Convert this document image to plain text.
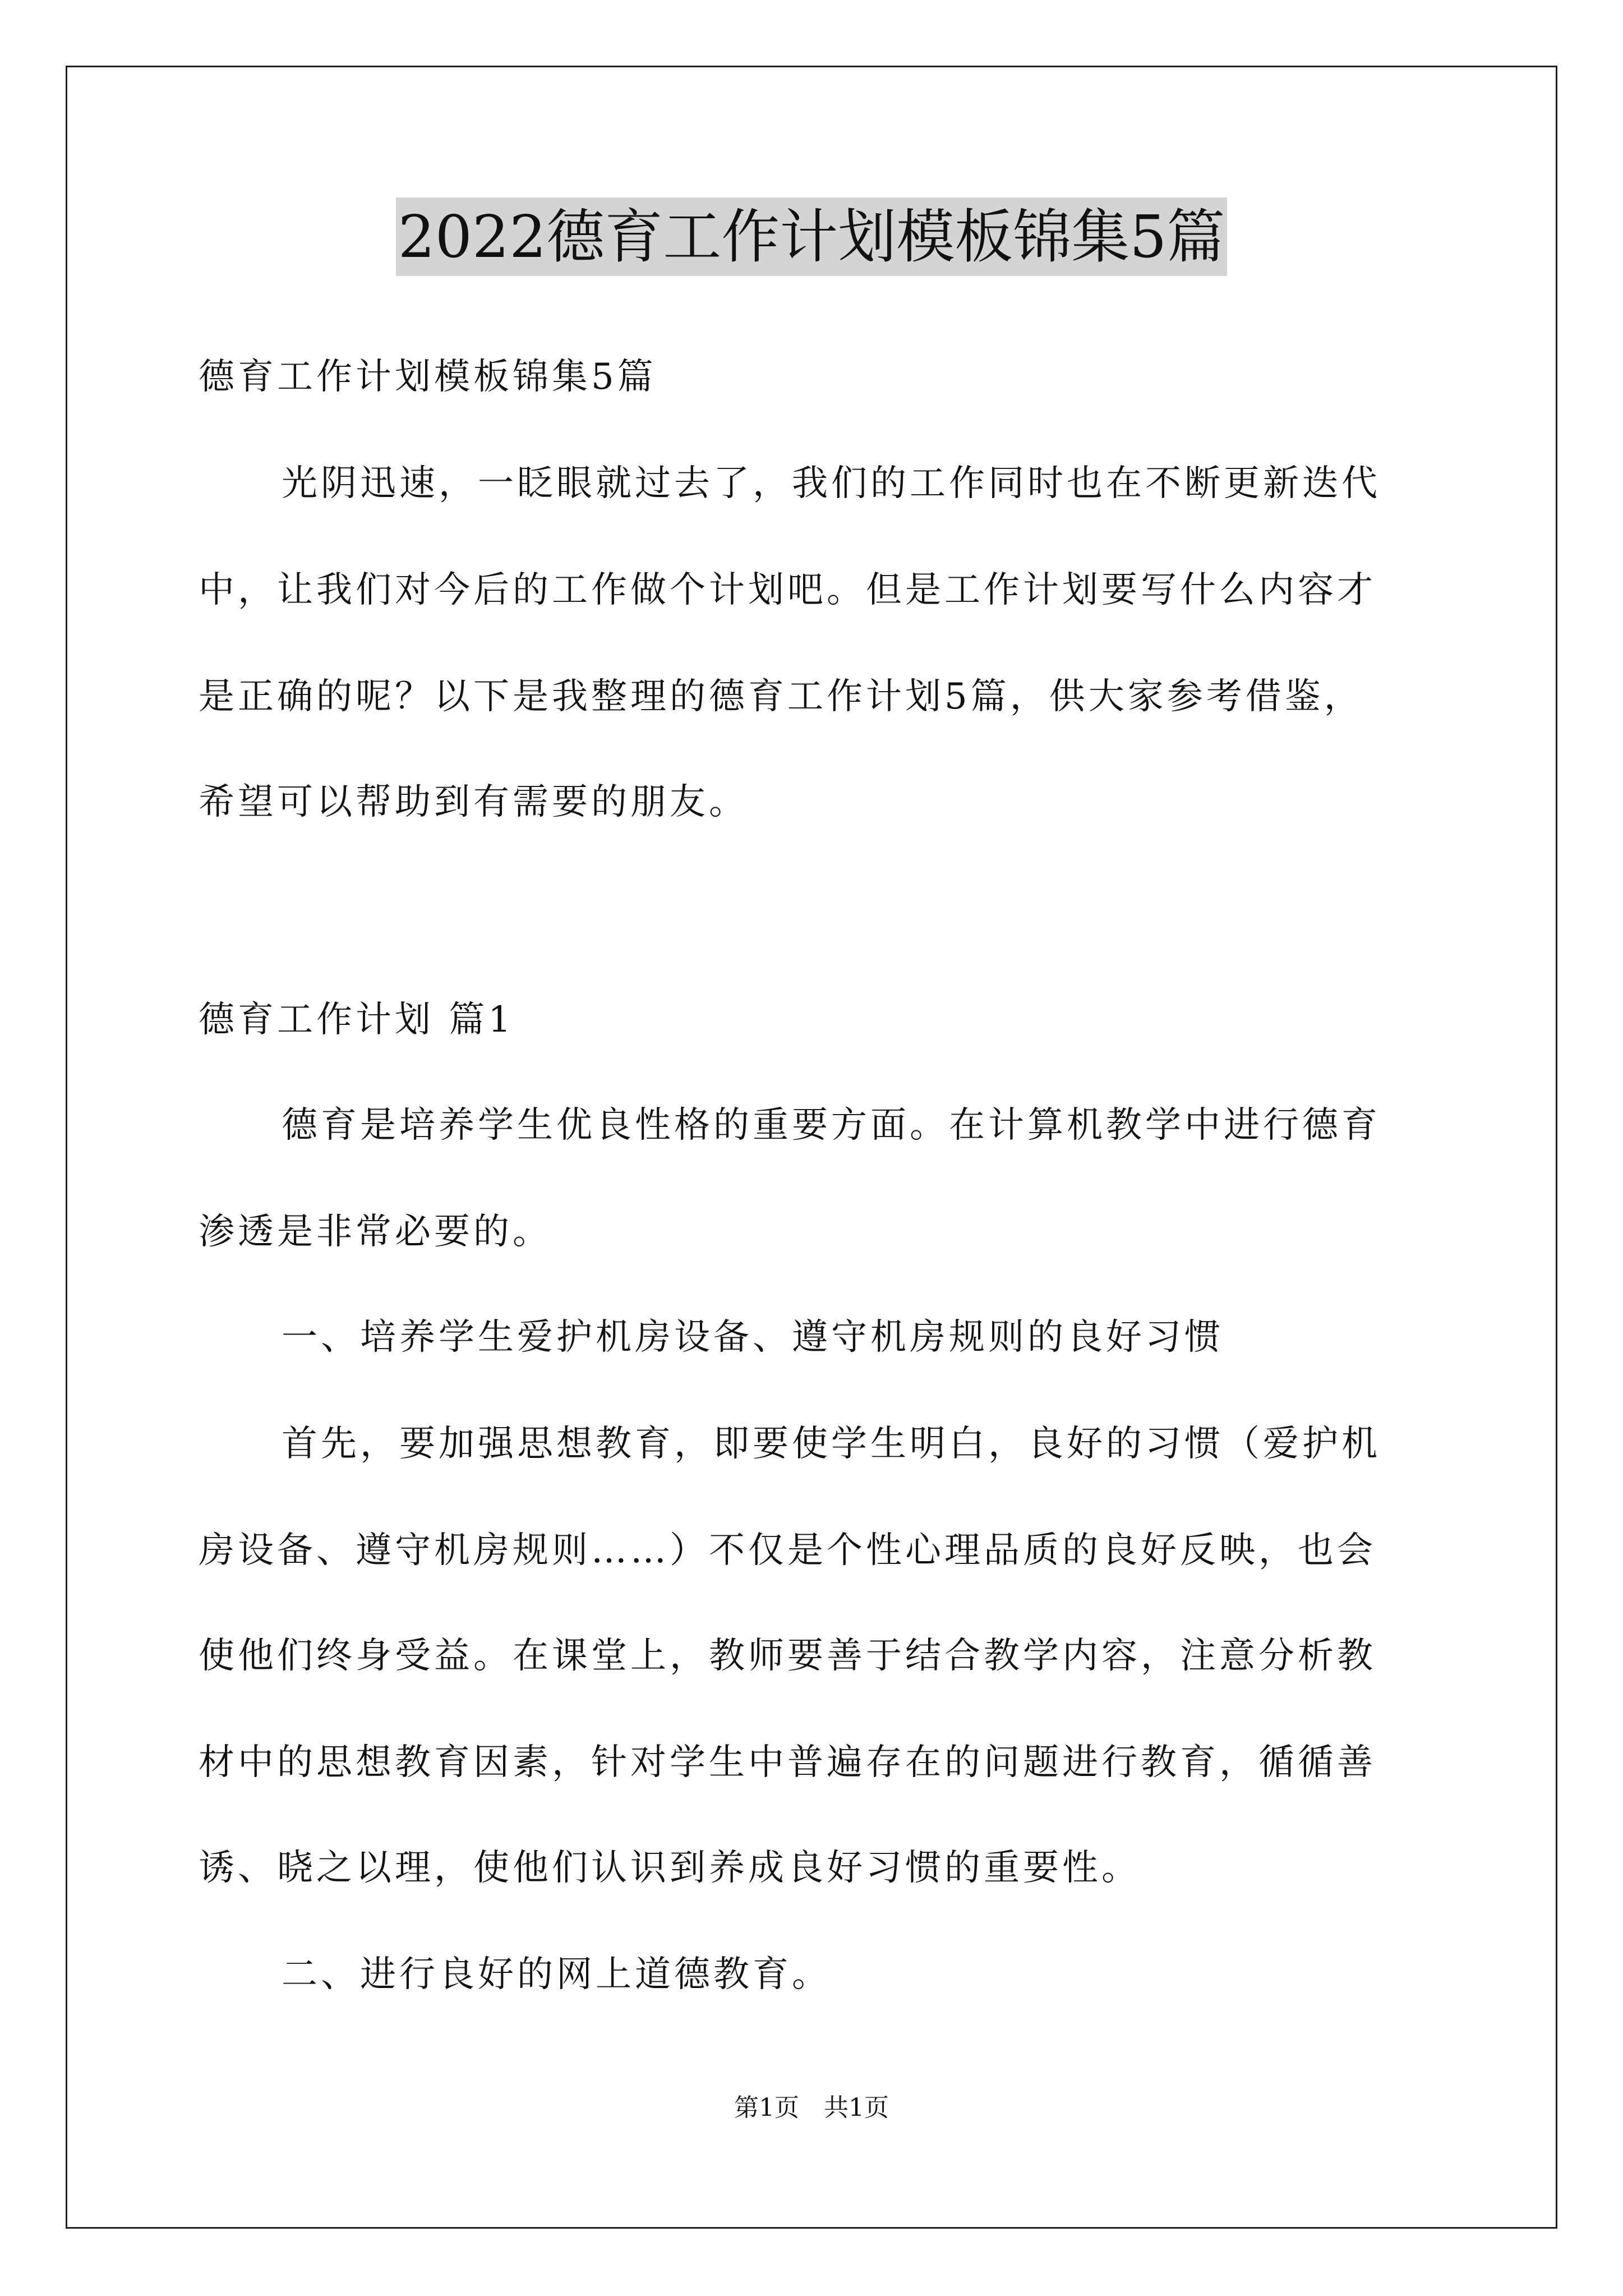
2022德育工作计划模板锦集5篇
德育工作计划模板锦集5篇
光阴迅速，一眨眼就过去了，我们的工作同时也在不断更新迭代
中，让我们对今后的工作做个计划吧。但是工作计划要写什么内容才
是正确的呢？以下是我整理的德育工作计划5篇，供大家参考借鉴，
希望可以帮助到有需要的朋友。
德育工作计划 篇1
德育是培养学生优良性格的重要方面。在计算机教学中进行德育
渗透是非常必要的。
一、培养学生爱护机房设备、遵守机房规则的良好习惯
首先，要加强思想教育，即要使学生明白，良好的习惯（爱护机
房设备、遵守机房规则……）不仅是个性心理品质的良好反映，也会
使他们终身受益。在课堂上，教师要善于结合教学内容，注意分析教
材中的思想教育因素，针对学生中普遍存在的问题进行教育，循循善
诱、晓之以理，使他们认识到养成良好习惯的重要性。
二、进行良好的网上道德教育。
第1页　共1页
